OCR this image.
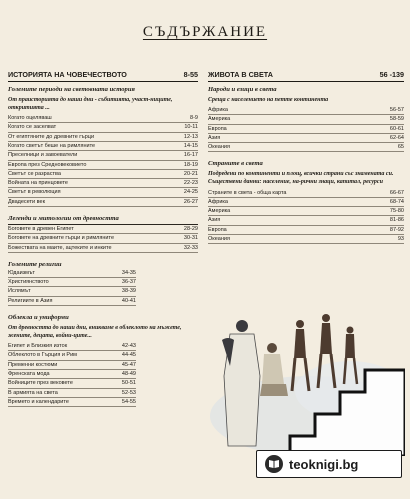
СЪДЪРЖАНИЕ
ИСТОРИЯТА НА ЧОВЕЧЕСТВОТО	8-55
Големите периоди на световната история
От праисторията до наши дни - събитията, участ-ниците, откритията ...
Когато оцеляваш	8-9
Когато се заселват	10-11
От египтяните до древните гърци	12-13
Когато светът беше на римляните	14-15
Преселници и завоеватели	16-17
Европа през Средновековието	18-19
Светът се разраства	20-21
Войната на принцовете	22-23
Светът в революция	24-25
Двадесети век	26-27
Легенди и митологии от древността
Боговете в древен Египет	28-29
Боговете на древните гърци и римляните	30-31
Божествата на маите, ацтеките и инките	32-33
Големите религии
Юдаизмът	34-35
Християнството	36-37
Ислямът	38-39
Религиите в Азия	40-41
Облекла и униформи
От древността до наши дни, вникваме в облеклото на мъжете, жените, децата, войни-ците...
Египет и Близкия изток	42-43
Облеклото в Гърция и Рим	44-45
Пременни костюми	45-47
Френската мода	48-49
Войниците през вековете	50-51
В армията на света	52-53
Времето и календарите	54-55
ЖИВОТА В СВЕТА	56 -139
Народи и езици в света
Среща с населението на петте континента
Африка	56-57
Америка	58-59
Европа	60-61
Азия	62-64
Океания	65
Страните в света
Подредени по континенти и площ, всички страни със знамената си. Съществени данни: население, на-рични знаци, капитал, ресурси
Страните в света - обща карта	66-67
Африка	68-74
Америка	75-80
Азия	81-86
Европа	87-92
Океания	93
teoknigi.bg
